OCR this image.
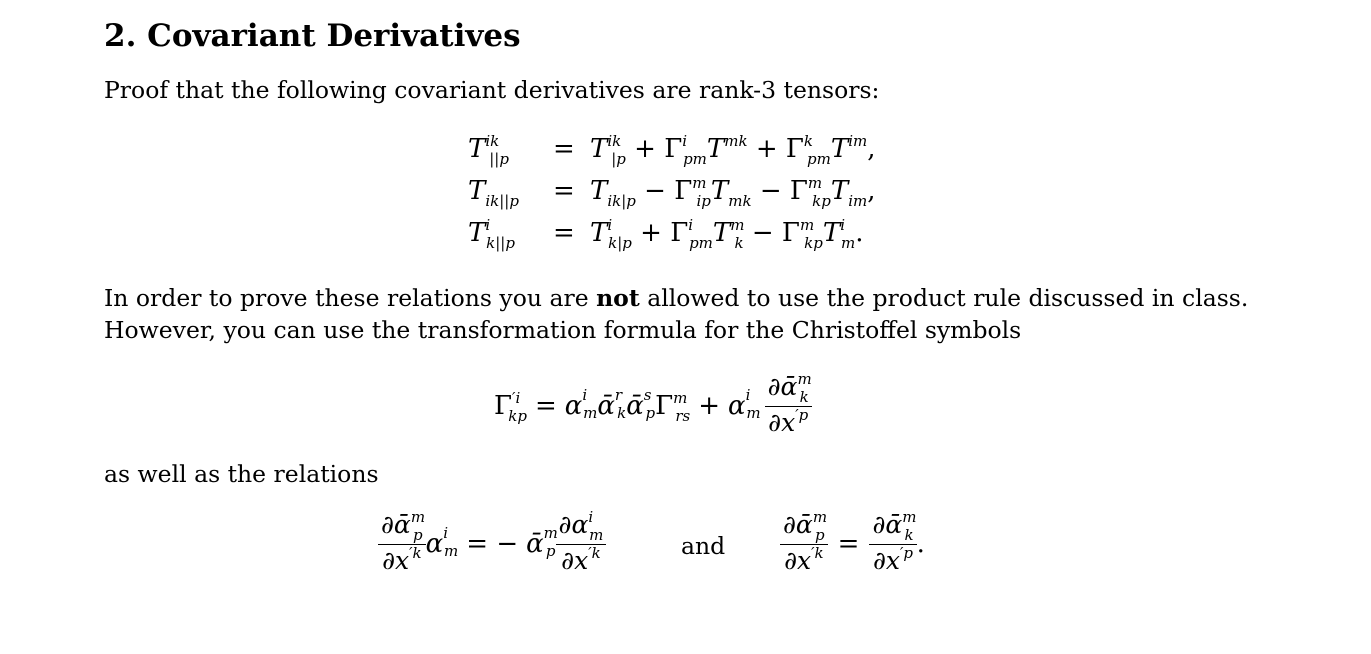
2. Covariant Derivatives
Proof that the following covariant derivatives are rank-3 tensors:
$T^{ik}_{||p} = T^{ik}_{|p} + \Gamma^i_{pm}T^{mk} + \Gamma^k_{pm}T^{im}$,
$T_{ik||p} = T_{ik|p} - \Gamma^m_{ip}T_{mk} - \Gamma^m_{kp}T_{im}$,
$T^i_{k||p} = T^i_{k|p} + \Gamma^i_{pm}T^m_k - \Gamma^m_{kp}T^i_m$.
In order to prove these relations you are not allowed to use the product rule discussed in class.
However, you can use the transformation formula for the Christoffel symbols
$\Gamma^{'i}_{kp} = \alpha$ i
m ᾱ r
k ᾱ s
p $\Gamma^m_{rs} + \alpha$ i
m $\frac{\partial ᾱ^m_k}{\partial x^{'p}}$
as well as the relations
$\frac{\partial ᾱ^m_p}{\partial x^{'k}}$ α i
m = − ᾱ m
p $\frac{\partial\alpha^i_m}{\partial x^{'k}}$	and $\frac{\partial ᾱ^m_p}{\partial x^{'k}} = \frac{\partial ᾱ^m_k}{\partial x^{'p}}$ .
